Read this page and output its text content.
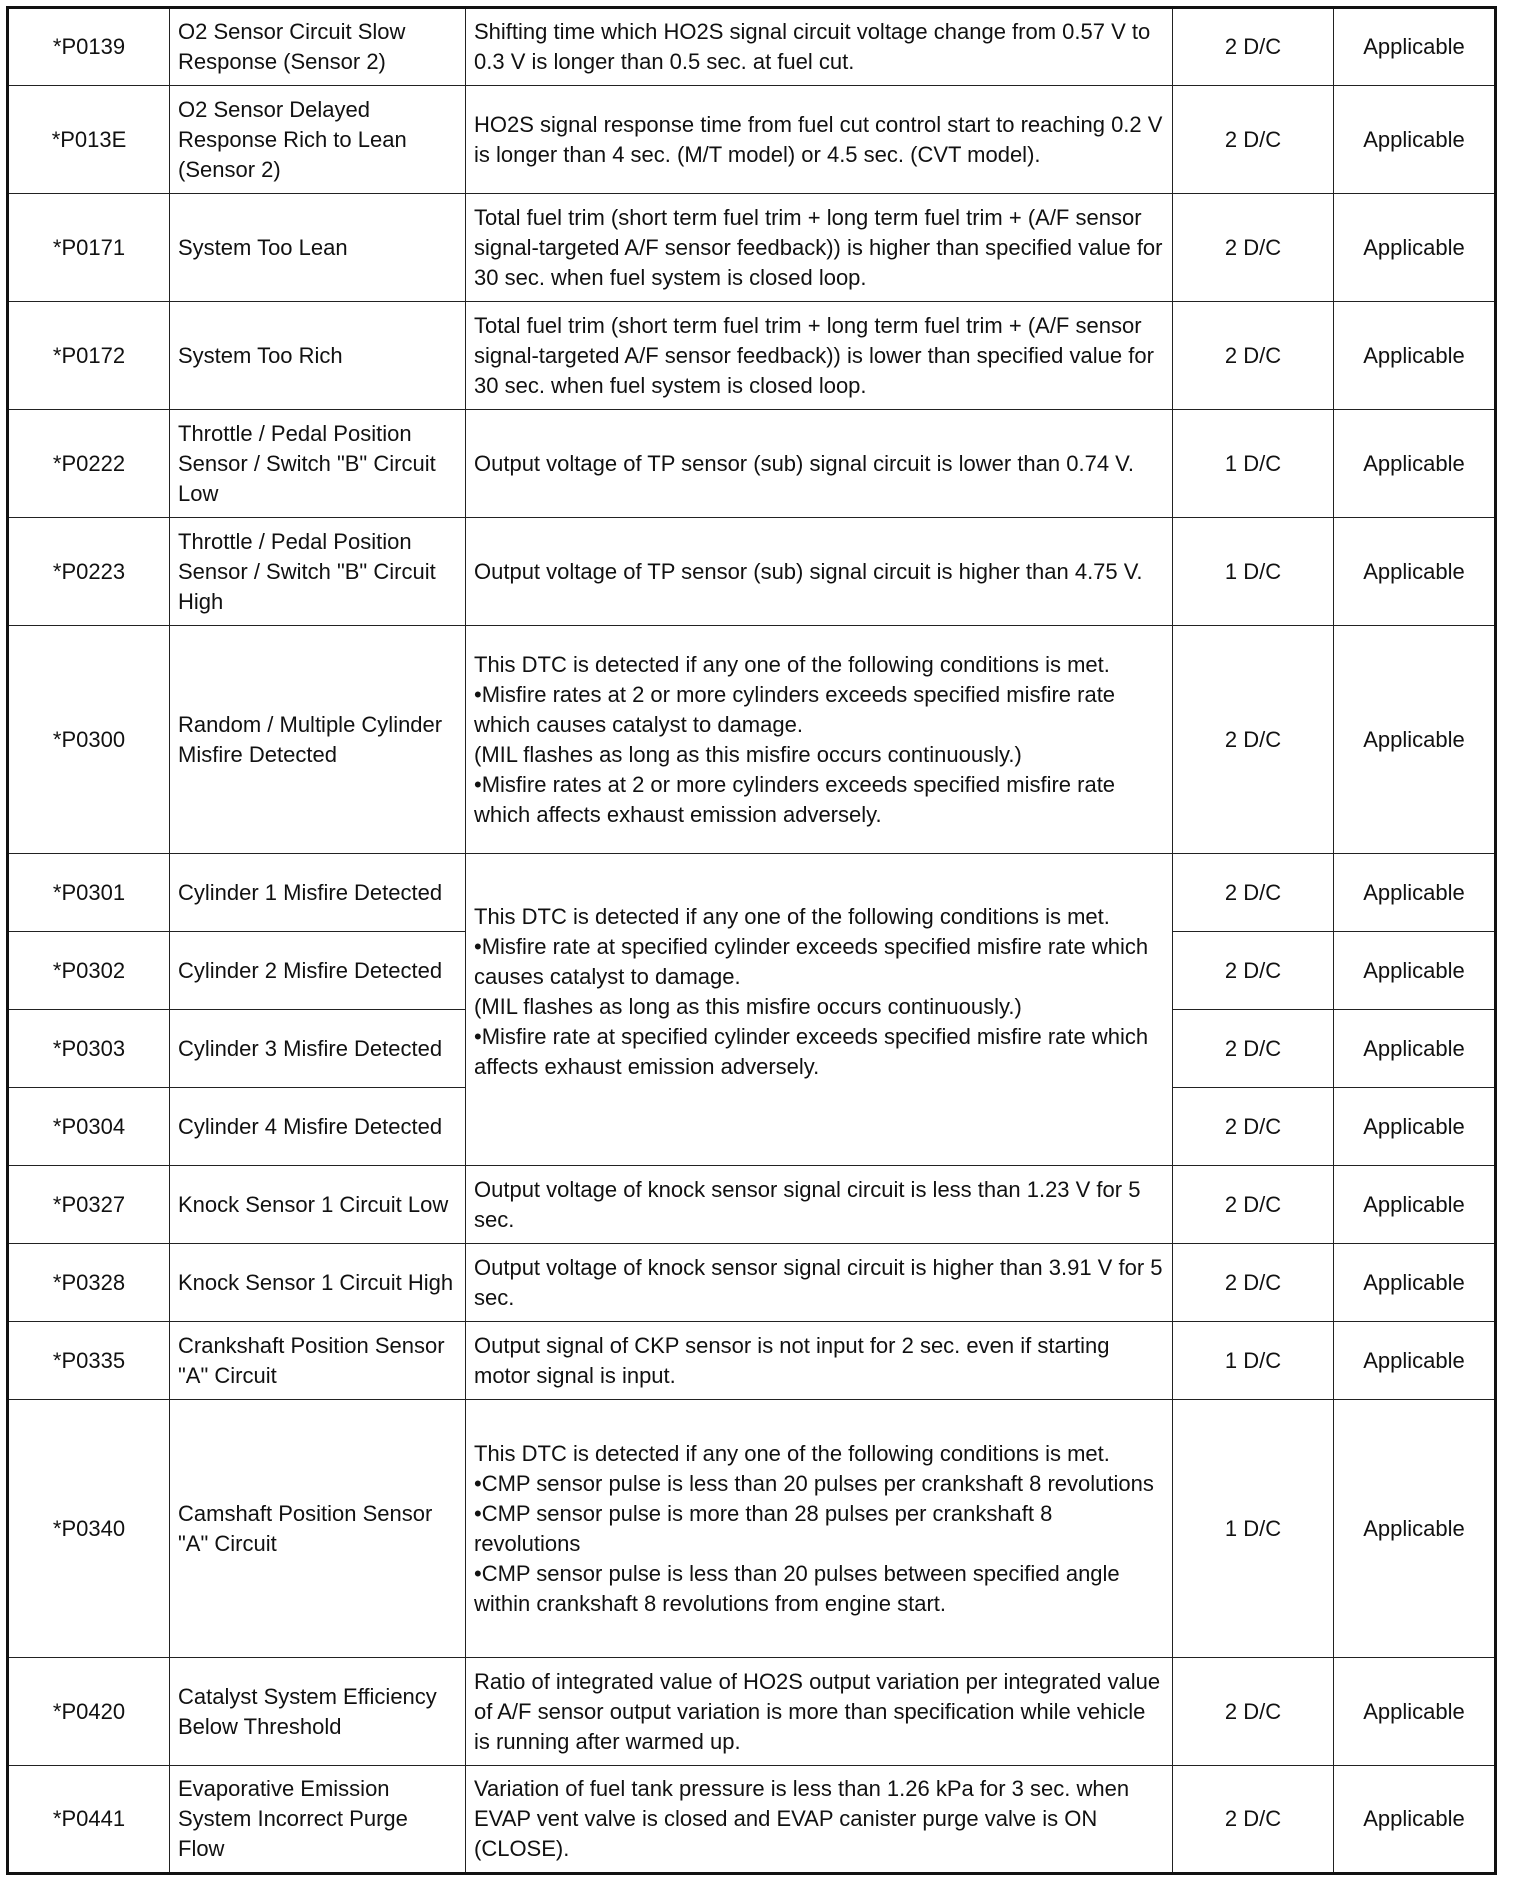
*P0139	O2 Sensor Circuit Slow Response (Sensor 2)	Shifting time which HO2S signal circuit voltage change from 0.57 V to 0.3 V is longer than 0.5 sec. at fuel cut.	2 D/C	Applicable
*P013E	O2 Sensor Delayed Response Rich to Lean (Sensor 2)	HO2S signal response time from fuel cut control start to reaching 0.2 V is longer than 4 sec. (M/T model) or 4.5 sec. (CVT model).	2 D/C	Applicable
*P0171	System Too Lean	Total fuel trim (short term fuel trim + long term fuel trim + (A/F sensor signal-targeted A/F sensor feedback)) is higher than specified value for 30 sec. when fuel system is closed loop.	2 D/C	Applicable
*P0172	System Too Rich	Total fuel trim (short term fuel trim + long term fuel trim + (A/F sensor signal-targeted A/F sensor feedback)) is lower than specified value for 30 sec. when fuel system is closed loop.	2 D/C	Applicable
*P0222	Throttle / Pedal Position Sensor / Switch "B" Circuit Low	Output voltage of TP sensor (sub) signal circuit is lower than 0.74 V.	1 D/C	Applicable
*P0223	Throttle / Pedal Position Sensor / Switch "B" Circuit High	Output voltage of TP sensor (sub) signal circuit is higher than 4.75 V.	1 D/C	Applicable
*P0300	Random / Multiple Cylinder Misfire Detected	This DTC is detected if any one of the following conditions is met.
•Misfire rates at 2 or more cylinders exceeds specified misfire rate which causes catalyst to damage.
(MIL flashes as long as this misfire occurs continuously.)
•Misfire rates at 2 or more cylinders exceeds specified misfire rate which affects exhaust emission adversely.	2 D/C	Applicable
*P0301	Cylinder 1 Misfire Detected	This DTC is detected if any one of the following conditions is met.
•Misfire rate at specified cylinder exceeds specified misfire rate which causes catalyst to damage.
(MIL flashes as long as this misfire occurs continuously.)
•Misfire rate at specified cylinder exceeds specified misfire rate which affects exhaust emission adversely.	2 D/C	Applicable
*P0302	Cylinder 2 Misfire Detected		2 D/C	Applicable
*P0303	Cylinder 3 Misfire Detected		2 D/C	Applicable
*P0304	Cylinder 4 Misfire Detected		2 D/C	Applicable
*P0327	Knock Sensor 1 Circuit Low	Output voltage of knock sensor signal circuit is less than 1.23 V for 5 sec.	2 D/C	Applicable
*P0328	Knock Sensor 1 Circuit High	Output voltage of knock sensor signal circuit is higher than 3.91 V for 5 sec.	2 D/C	Applicable
*P0335	Crankshaft Position Sensor "A" Circuit	Output signal of CKP sensor is not input for 2 sec. even if starting motor signal is input.	1 D/C	Applicable
*P0340	Camshaft Position Sensor "A" Circuit	This DTC is detected if any one of the following conditions is met.
•CMP sensor pulse is less than 20 pulses per crankshaft 8 revolutions
•CMP sensor pulse is more than 28 pulses per crankshaft 8 revolutions
•CMP sensor pulse is less than 20 pulses between specified angle within crankshaft 8 revolutions from engine start.	1 D/C	Applicable
*P0420	Catalyst System Efficiency Below Threshold	Ratio of integrated value of HO2S output variation per integrated value of A/F sensor output variation is more than specification while vehicle is running after warmed up.	2 D/C	Applicable
*P0441	Evaporative Emission System Incorrect Purge Flow	Variation of fuel tank pressure is less than 1.26 kPa for 3 sec. when EVAP vent valve is closed and EVAP canister purge valve is ON (CLOSE).	2 D/C	Applicable
